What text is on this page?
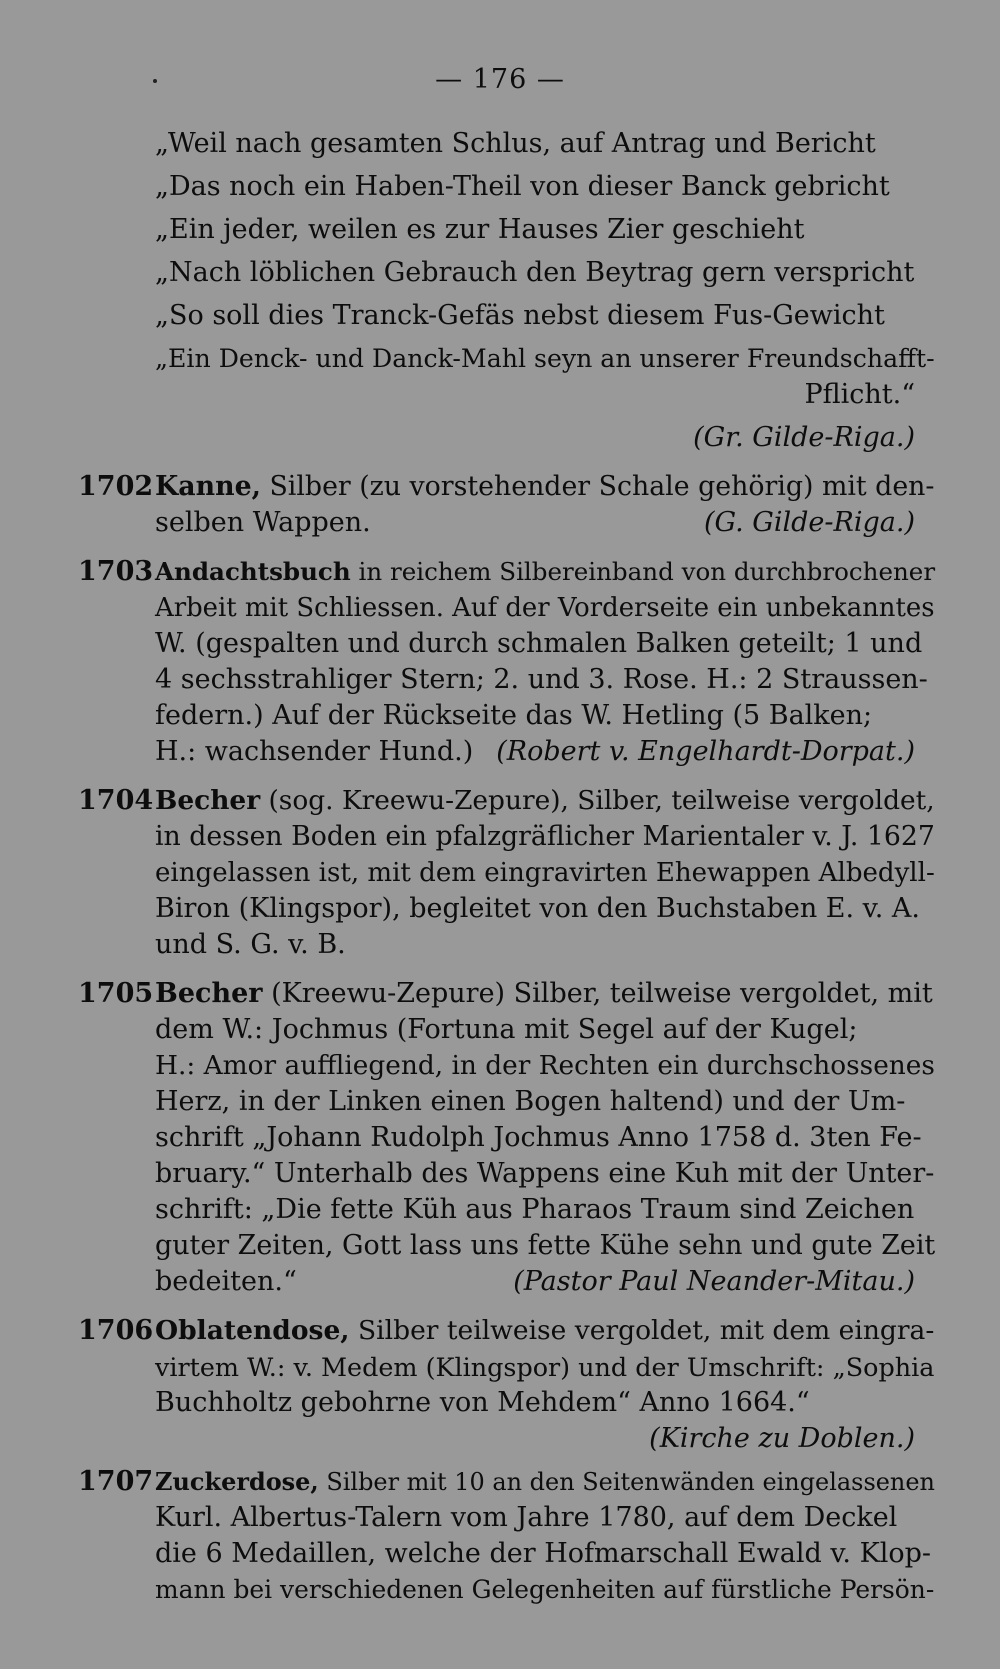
— 176 —
„Weil nach gesamten Schlus, auf Antrag und Bericht
„Das noch ein Haben-Theil von dieser Banck gebricht
„Ein jeder, weilen es zur Hauses Zier geschieht
„Nach löblichen Gebrauch den Beytrag gern verspricht
„So soll dies Tranck-Gefäs nebst diesem Fus-Gewicht
„Ein Denck- und Danck-Mahl seyn an unserer Freundschafft-
Pflicht.“
(Gr. Gilde-Riga.)
1702 Kanne, Silber (zu vorstehender Schale gehörig) mit den-
selben Wappen.	(G. Gilde-Riga.)
1703 Andachtsbuch in reichem Silbereinband von durchbrochener
Arbeit mit Schliessen. Auf der Vorderseite ein unbekanntes
W. (gespalten und durch schmalen Balken geteilt; 1 und
4 sechsstrahliger Stern; 2. und 3. Rose. H.: 2 Straussen-
federn.) Auf der Rückseite das W. Hetling (5 Balken;
H.: wachsender Hund.) (Robert v. Engelhardt-Dorpat.)
1704 Becher (sog. Kreewu-Zepure), Silber, teilweise vergoldet,
in dessen Boden ein pfalzgräflicher Marientaler v. J. 1627
eingelassen ist, mit dem eingravirten Ehewappen Albedyll-
Biron (Klingspor), begleitet von den Buchstaben E. v. A.
und S. G. v. B.
1705 Becher (Kreewu-Zepure) Silber, teilweise vergoldet, mit
dem W.: Jochmus (Fortuna mit Segel auf der Kugel;
H.: Amor auffliegend, in der Rechten ein durchschossenes
Herz, in der Linken einen Bogen haltend) und der Um-
schrift „Johann Rudolph Jochmus Anno 1758 d. 3ten Fe-
bruary.“ Unterhalb des Wappens eine Kuh mit der Unter-
schrift: „Die fette Küh aus Pharaos Traum sind Zeichen
guter Zeiten, Gott lass uns fette Kühe sehn und gute Zeit
bedeiten.“	(Pastor Paul Neander-Mitau.)
1706 Oblatendose, Silber teilweise vergoldet, mit dem eingra-
virtem W.: v. Medem (Klingspor) und der Umschrift: „Sophia
Buchholtz gebohrne von Mehdem“ Anno 1664.“
(Kirche zu Doblen.)
1707 Zuckerdose, Silber mit 10 an den Seitenwänden eingelassenen
Kurl. Albertus-Talern vom Jahre 1780, auf dem Deckel
die 6 Medaillen, welche der Hofmarschall Ewald v. Klop-
mann bei verschiedenen Gelegenheiten auf fürstliche Persön-
